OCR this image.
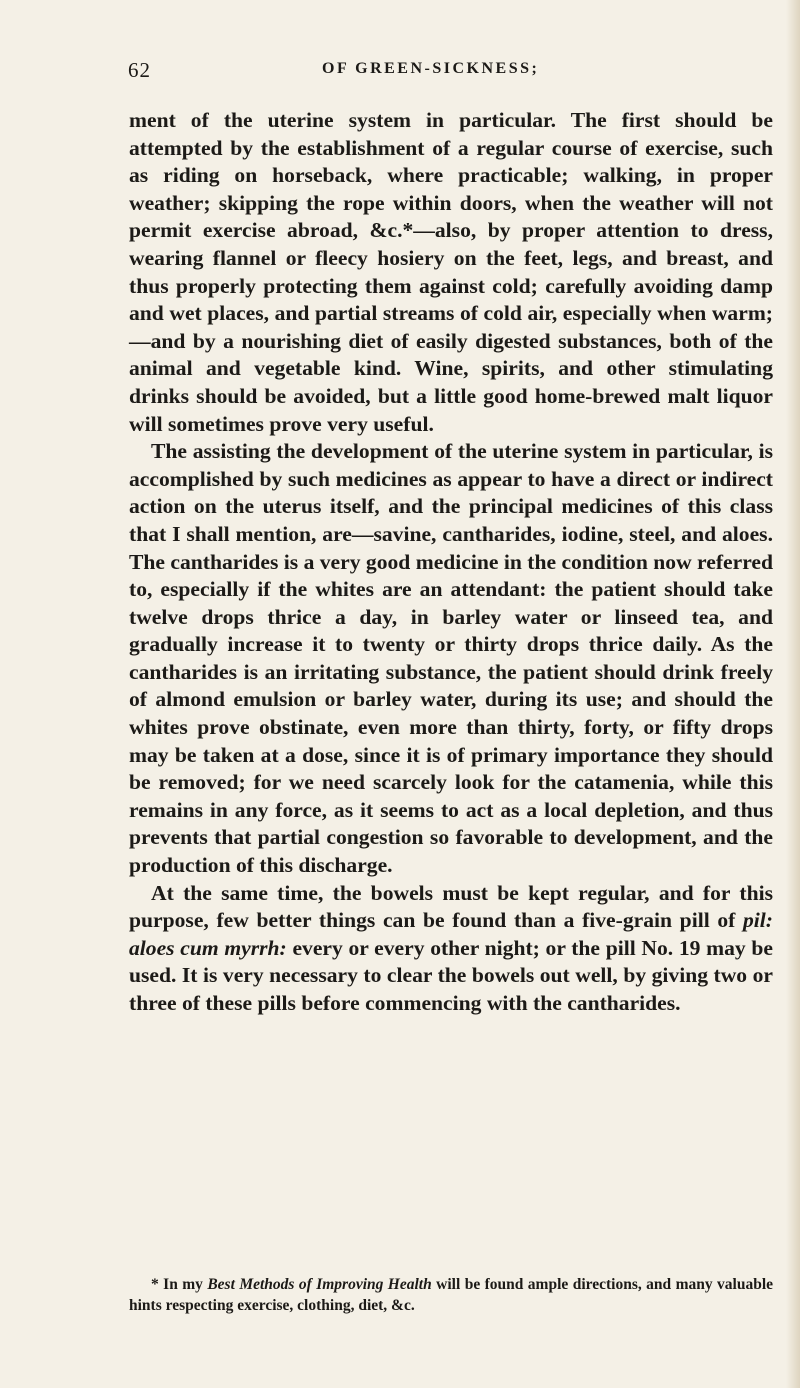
62	OF GREEN-SICKNESS;

ment of the uterine system in particular. The first should be attempted by the establishment of a regular course of exercise, such as riding on horseback, where practicable; walking, in proper weather; skipping the rope within doors, when the weather will not permit exercise abroad, &c.*—also, by proper attention to dress, wearing flannel or fleecy hosiery on the feet, legs, and breast, and thus properly protecting them against cold; carefully avoiding damp and wet places, and partial streams of cold air, especially when warm;—and by a nourishing diet of easily digested substances, both of the animal and vegetable kind. Wine, spirits, and other stimulating drinks should be avoided, but a little good home-brewed malt liquor will sometimes prove very useful.

The assisting the development of the uterine system in particular, is accomplished by such medicines as appear to have a direct or indirect action on the uterus itself, and the principal medicines of this class that I shall mention, are—savine, cantharides, iodine, steel, and aloes. The cantharides is a very good medicine in the condition now referred to, especially if the whites are an attendant: the patient should take twelve drops thrice a day, in barley water or linseed tea, and gradually increase it to twenty or thirty drops thrice daily. As the cantharides is an irritating substance, the patient should drink freely of almond emulsion or barley water, during its use; and should the whites prove obstinate, even more than thirty, forty, or fifty drops may be taken at a dose, since it is of primary importance they should be removed; for we need scarcely look for the catamenia, while this remains in any force, as it seems to act as a local depletion, and thus prevents that partial congestion so favorable to development, and the production of this discharge.

At the same time, the bowels must be kept regular, and for this purpose, few better things can be found than a five-grain pill of pil: aloes cum myrrh: every or every other night; or the pill No. 19 may be used. It is very necessary to clear the bowels out well, by giving two or three of these pills before commencing with the cantharides.

* In my Best Methods of Improving Health will be found ample directions, and many valuable hints respecting exercise, clothing, diet, &c.
